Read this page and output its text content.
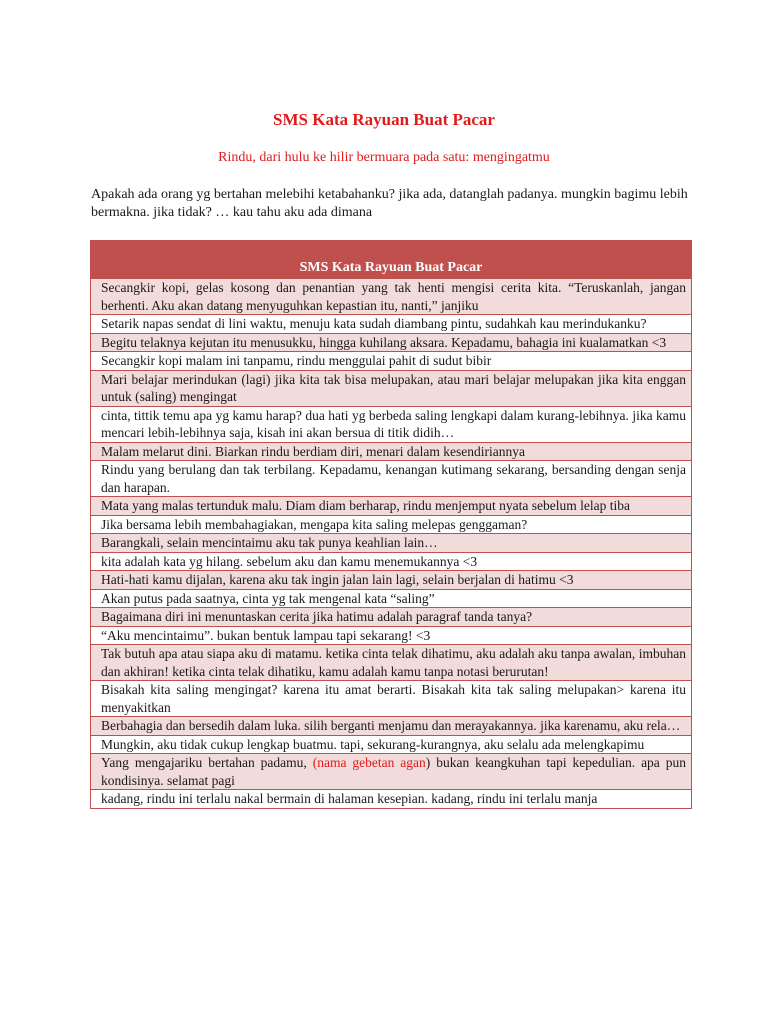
SMS Kata Rayuan Buat Pacar

Rindu, dari hulu ke hilir bermuara pada satu: mengingatmu

Apakah ada orang yg bertahan melebihi ketabahanku? jika ada, datanglah padanya. mungkin bagimu lebih bermakna. jika tidak? … kau tahu aku ada dimana

SMS Kata Rayuan Buat Pacar
Secangkir kopi, gelas kosong dan penantian yang tak henti mengisi cerita kita. “Teruskanlah, jangan berhenti. Aku akan datang menyuguhkan kepastian itu, nanti,” janjiku
Setarik napas sendat di lini waktu, menuju kata sudah diambang pintu, sudahkah kau merindukanku?
Begitu telaknya kejutan itu menusukku, hingga kuhilang aksara. Kepadamu, bahagia ini kualamatkan <3
Secangkir kopi malam ini tanpamu, rindu menggulai pahit di sudut bibir
Mari belajar merindukan (lagi) jika kita tak bisa melupakan, atau mari belajar melupakan jika kita enggan untuk (saling) mengingat
cinta, tittik temu apa yg kamu harap? dua hati yg berbeda saling lengkapi dalam kurang-lebihnya. jika kamu mencari lebih-lebihnya saja, kisah ini akan bersua di titik didih…
Malam melarut dini. Biarkan rindu berdiam diri, menari dalam kesendiriannya
Rindu yang berulang dan tak terbilang. Kepadamu, kenangan kutimang sekarang, bersanding dengan senja dan harapan.
Mata yang malas tertunduk malu. Diam diam berharap, rindu menjemput nyata sebelum lelap tiba
Jika bersama lebih membahagiakan, mengapa kita saling melepas genggaman?
Barangkali, selain mencintaimu aku tak punya keahlian lain…
kita adalah kata yg hilang. sebelum aku dan kamu menemukannya <3
Hati-hati kamu dijalan, karena aku tak ingin jalan lain lagi, selain berjalan di hatimu <3
Akan putus pada saatnya, cinta yg tak mengenal kata “saling”
Bagaimana diri ini menuntaskan cerita jika hatimu adalah paragraf tanda tanya?
“Aku mencintaimu”. bukan bentuk lampau tapi sekarang! <3
Tak butuh apa atau siapa aku di matamu. ketika cinta telak dihatimu, aku adalah aku tanpa awalan, imbuhan dan akhiran! ketika cinta telak dihatiku, kamu adalah kamu tanpa notasi berurutan!
Bisakah kita saling mengingat? karena itu amat berarti. Bisakah kita tak saling melupakan> karena itu menyakitkan
Berbahagia dan bersedih dalam luka. silih berganti menjamu dan merayakannya. jika karenamu, aku rela…
Mungkin, aku tidak cukup lengkap buatmu. tapi, sekurang-kurangnya, aku selalu ada melengkapimu
Yang mengajariku bertahan padamu, (nama gebetan agan) bukan keangkuhan tapi kepedulian. apa pun kondisinya. selamat pagi
kadang, rindu ini terlalu nakal bermain di halaman kesepian. kadang, rindu ini terlalu manja
